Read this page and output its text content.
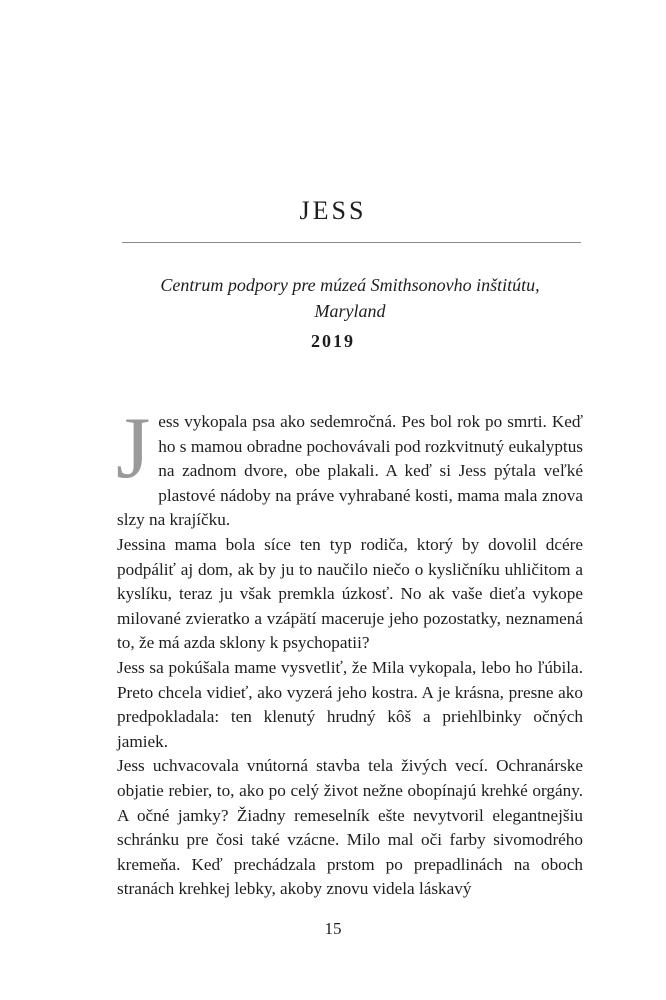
JESS
Centrum podpory pre múzeá Smithsonovho inštitútu,
Maryland
2019

Jess vykopala psa ako sedemročná. Pes bol rok po smrti. Keď ho s mamou obradne pochovávali pod rozkvitnutý eukalyptus na zadnom dvore, obe plakali. A keď si Jess pýtala veľké plastové nádoby na práve vyhrabané kosti, mama mala znova slzy na krajíčku.

Jessina mama bola síce ten typ rodiča, ktorý by dovolil dcére podpáliť aj dom, ak by ju to naučilo niečo o kysličníku uhličitom a kyslíku, teraz ju však premkla úzkosť. No ak vaše dieťa vykope milované zvieratko a vzápätí maceruje jeho pozostatky, neznamená to, že má azda sklony k psychopatii?

Jess sa pokúšala mame vysvetliť, že Mila vykopala, lebo ho ľúbila. Preto chcela vidieť, ako vyzerá jeho kostra. A je krásna, presne ako predpokladala: ten klenutý hrudný kôš a priehlbinky očných jamiek.

Jess uchvacovala vnútorná stavba tela živých vecí. Ochranárske objatie rebier, to, ako po celý život nežne obopínajú krehké orgány. A očné jamky? Žiadny remeselník ešte nevytvoril elegantnejšiu schránku pre čosi také vzácne. Milo mal oči farby sivomodrého kremeňa. Keď prechádzala prstom po prepadlinách na oboch stranách krehkej lebky, akoby znovu videla láskavý

15
